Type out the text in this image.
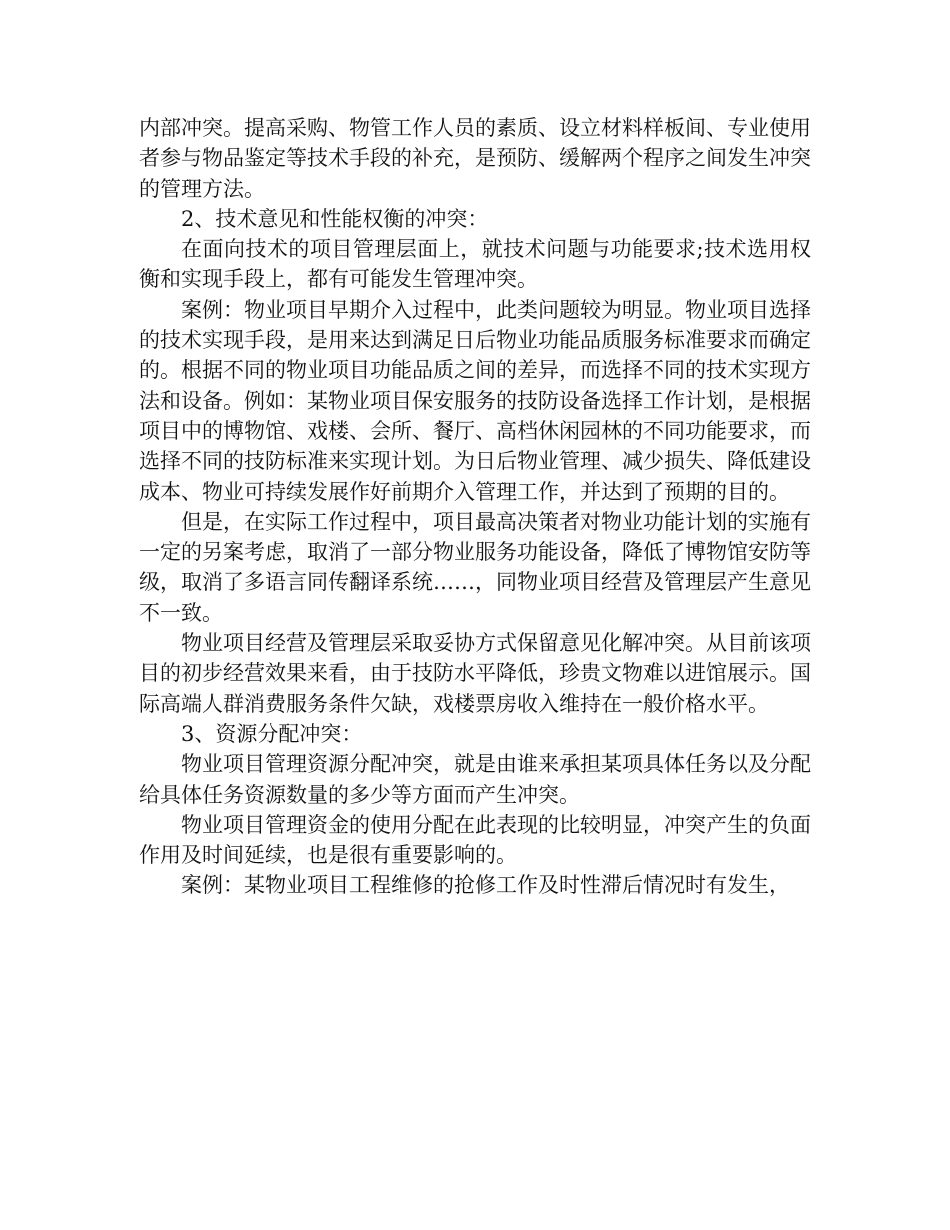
内部冲突。提高采购、物管工作人员的素质、设立材料样板间、专业使用者参与物品鉴定等技术手段的补充，是预防、缓解两个程序之间发生冲突的管理方法。

2、技术意见和性能权衡的冲突：

在面向技术的项目管理层面上，就技术问题与功能要求;技术选用权衡和实现手段上，都有可能发生管理冲突。

案例：物业项目早期介入过程中，此类问题较为明显。物业项目选择的技术实现手段，是用来达到满足日后物业功能品质服务标准要求而确定的。根据不同的物业项目功能品质之间的差异，而选择不同的技术实现方法和设备。例如：某物业项目保安服务的技防设备选择工作计划，是根据项目中的博物馆、戏楼、会所、餐厅、高档休闲园林的不同功能要求，而选择不同的技防标准来实现计划。为日后物业管理、减少损失、降低建设成本、物业可持续发展作好前期介入管理工作，并达到了预期的目的。

但是，在实际工作过程中，项目最高决策者对物业功能计划的实施有一定的另案考虑，取消了一部分物业服务功能设备，降低了博物馆安防等级，取消了多语言同传翻译系统……，同物业项目经营及管理层产生意见不一致。

物业项目经营及管理层采取妥协方式保留意见化解冲突。从目前该项目的初步经营效果来看，由于技防水平降低，珍贵文物难以进馆展示。国际高端人群消费服务条件欠缺，戏楼票房收入维持在一般价格水平。

3、资源分配冲突：

物业项目管理资源分配冲突，就是由谁来承担某项具体任务以及分配给具体任务资源数量的多少等方面而产生冲突。

物业项目管理资金的使用分配在此表现的比较明显，冲突产生的负面作用及时间延续，也是很有重要影响的。

案例：某物业项目工程维修的抢修工作及时性滞后情况时有发生，
